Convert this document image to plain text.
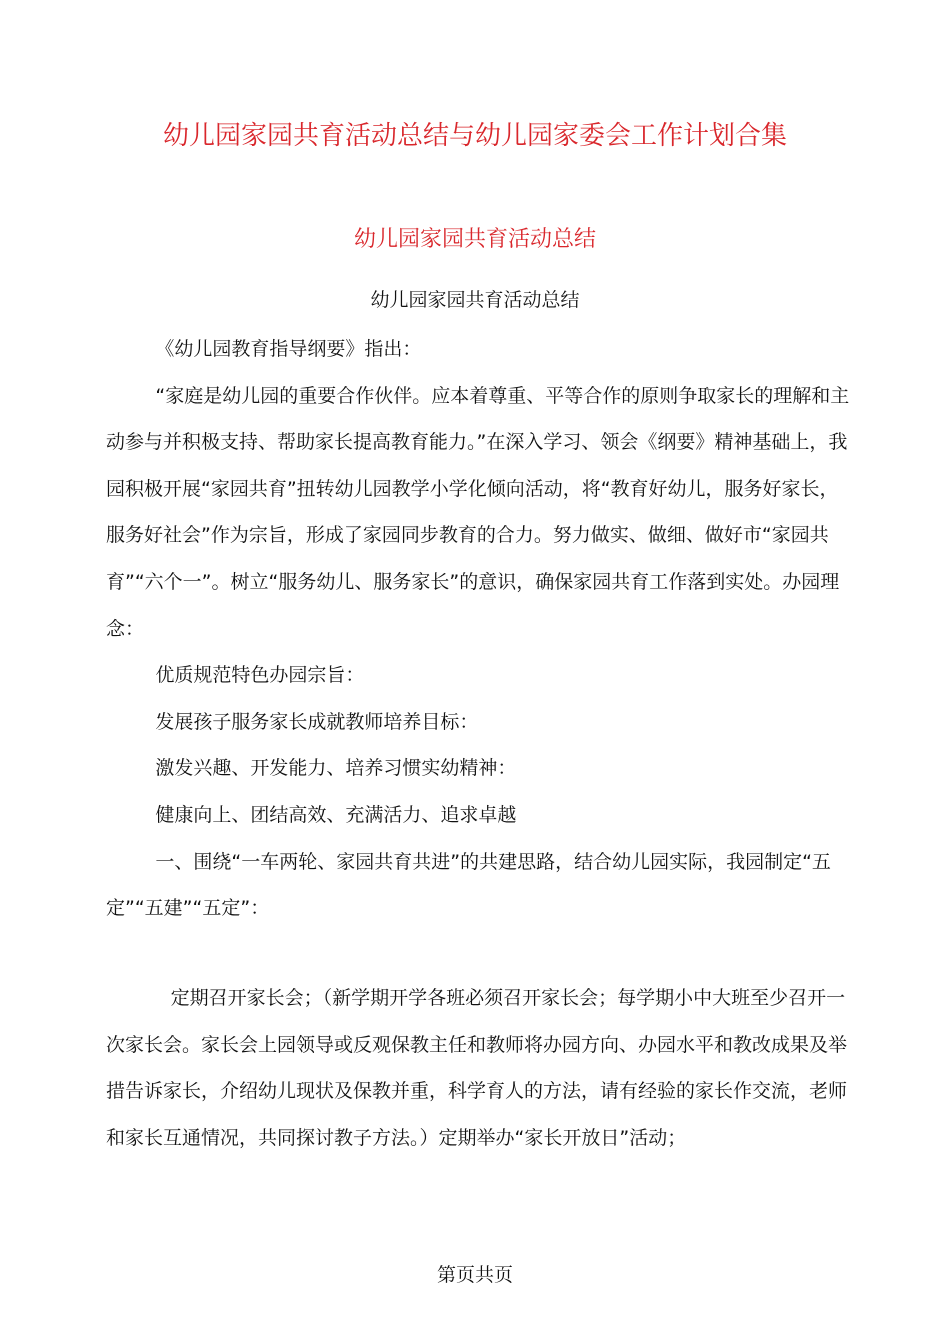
幼儿园家园共育活动总结与幼儿园家委会工作计划合集
幼儿园家园共育活动总结
幼儿园家园共育活动总结

《幼儿园教育指导纲要》指出：

“家庭是幼儿园的重要合作伙伴。应本着尊重、平等合作的原则争取家长的理解和主动参与并积极支持、帮助家长提高教育能力。”在深入学习、领会《纲要》精神基础上，我园积极开展“家园共育”扭转幼儿园教学小学化倾向活动，将“教育好幼儿，服务好家长，服务好社会”作为宗旨，形成了家园同步教育的合力。努力做实、做细、做好市“家园共育”“六个一”。树立“服务幼儿、服务家长”的意识，确保家园共育工作落到实处。办园理念：

优质规范特色办园宗旨：

发展孩子服务家长成就教师培养目标：

激发兴趣、开发能力、培养习惯实幼精神：

健康向上、团结高效、充满活力、追求卓越

一、围绕“一车两轮、家园共育共进”的共建思路，结合幼儿园实际，我园制定“五定”“五建”“五定”：

定期召开家长会；（新学期开学各班必须召开家长会；每学期小中大班至少召开一次家长会。家长会上园领导或反观保教主任和教师将办园方向、办园水平和教改成果及举措告诉家长，介绍幼儿现状及保教并重，科学育人的方法，请有经验的家长作交流，老师和家长互通情况，共同探讨教子方法。）定期举办“家长开放日”活动；

第页共页
